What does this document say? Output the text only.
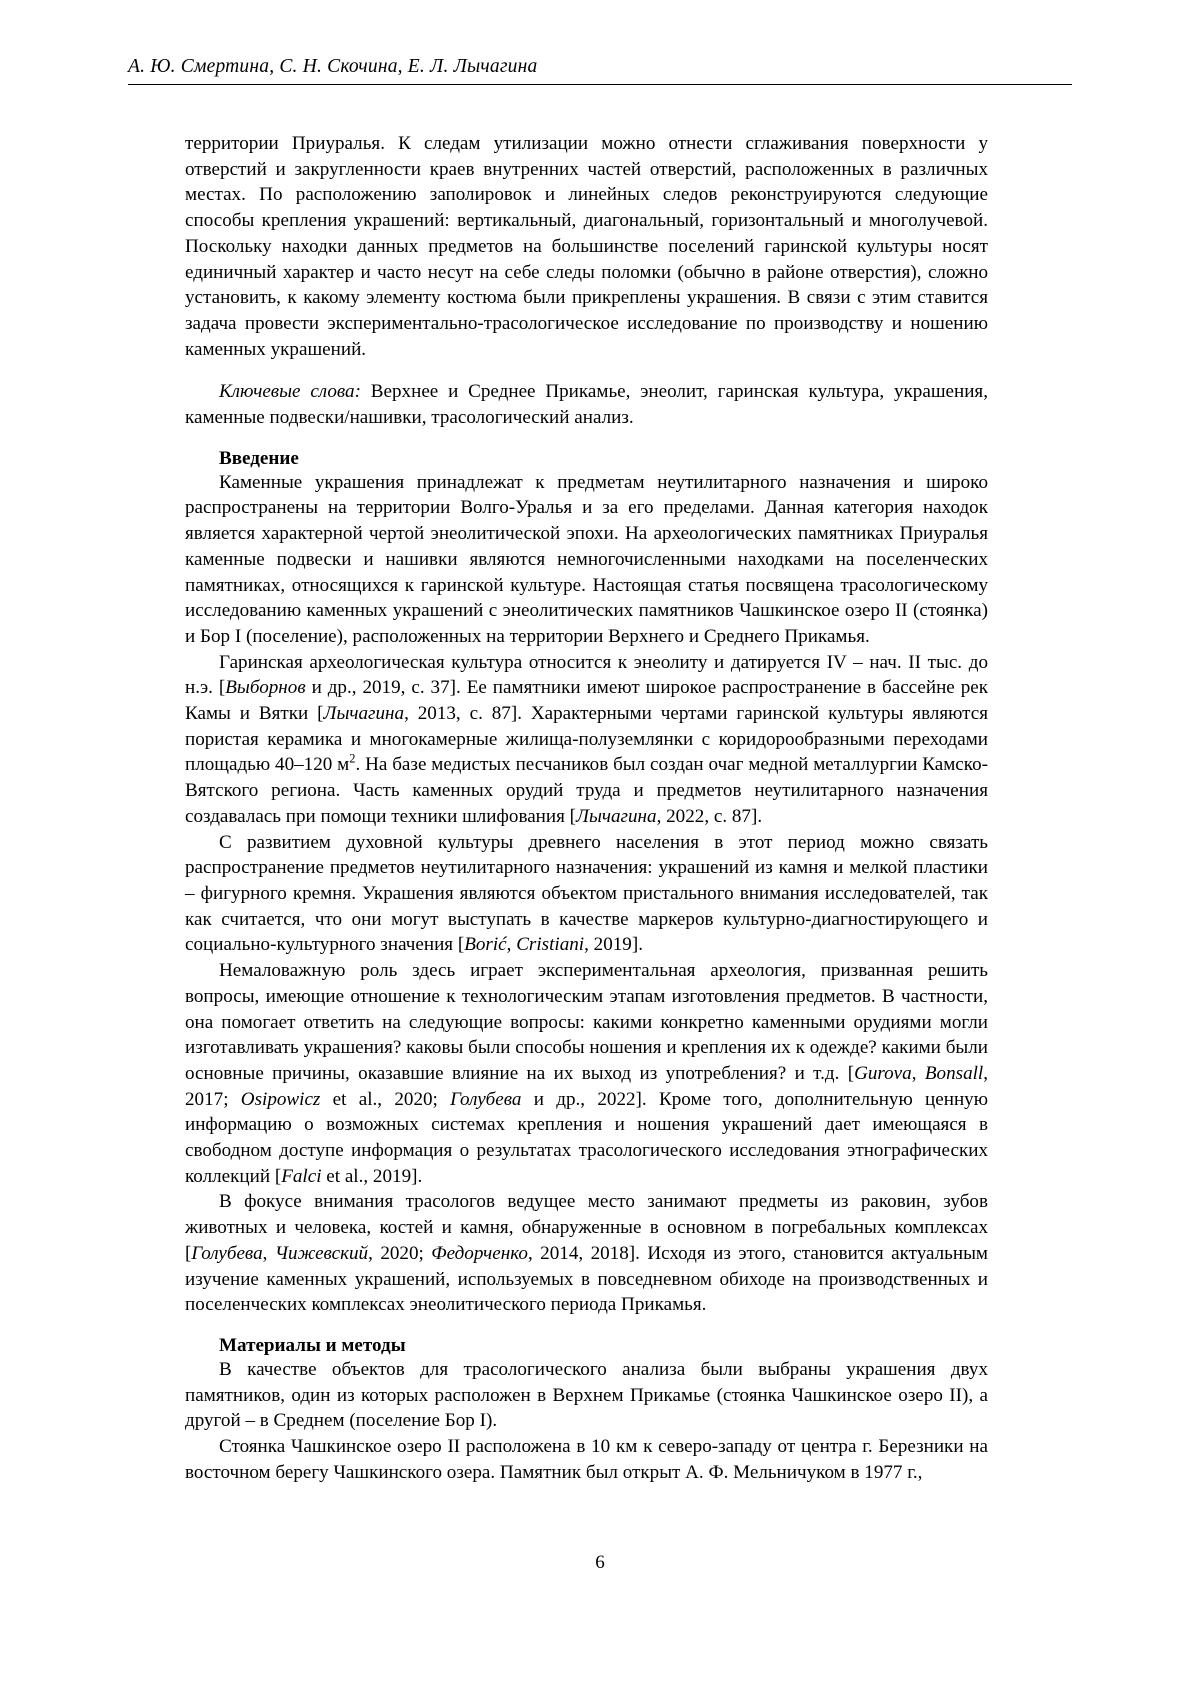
А. Ю. Смертина, С. Н. Скочина, Е. Л. Лычагина

территории Приуралья. К следам утилизации можно отнести сглаживания поверхности у отверстий и закругленности краев внутренних частей отверстий, расположенных в различных местах. По расположению заполировок и линейных следов реконструируются следующие способы крепления украшений: вертикальный, диагональный, горизонтальный и многолучевой. Поскольку находки данных предметов на большинстве поселений гаринской культуры носят единичный характер и часто несут на себе следы поломки (обычно в районе отверстия), сложно установить, к какому элементу костюма были прикреплены украшения. В связи с этим ставится задача провести экспериментально-трасологическое исследование по производству и ношению каменных украшений.

Ключевые слова: Верхнее и Среднее Прикамье, энеолит, гаринская культура, украшения, каменные подвески/нашивки, трасологический анализ.

Введение

Каменные украшения принадлежат к предметам неутилитарного назначения и широко распространены на территории Волго-Уралья и за его пределами. Данная категория находок является характерной чертой энеолитической эпохи. На археологических памятниках Приуралья каменные подвески и нашивки являются немногочисленными находками на поселенческих памятниках, относящихся к гаринской культуре. Настоящая статья посвящена трасологическому исследованию каменных украшений с энеолитических памятников Чашкинское озеро II (стоянка) и Бор I (поселение), расположенных на территории Верхнего и Среднего Прикамья.

Гаринская археологическая культура относится к энеолиту и датируется IV – нач. II тыс. до н.э. [Выборнов и др., 2019, с. 37]. Ее памятники имеют широкое распространение в бассейне рек Камы и Вятки [Лычагина, 2013, с. 87]. Характерными чертами гаринской культуры являются пористая керамика и многокамерные жилища-полуземлянки с коридорообразными переходами площадью 40–120 $м^2$. На базе медистых песчаников был создан очаг медной металлургии Камско-Вятского региона. Часть каменных орудий труда и предметов неутилитарного назначения создавалась при помощи техники шлифования [Лычагина, 2022, с. 87].

С развитием духовной культуры древнего населения в этот период можно связать распространение предметов неутилитарного назначения: украшений из камня и мелкой пластики – фигурного кремня. Украшения являются объектом пристального внимания исследователей, так как считается, что они могут выступать в качестве маркеров культурно-диагностирующего и социально-культурного значения [Borić, Cristiani, 2019].

Немаловажную роль здесь играет экспериментальная археология, призванная решить вопросы, имеющие отношение к технологическим этапам изготовления предметов. В частности, она помогает ответить на следующие вопросы: какими конкретно каменными орудиями могли изготавливать украшения? каковы были способы ношения и крепления их к одежде? какими были основные причины, оказавшие влияние на их выход из употребления? и т.д. [Gurova, Bonsall, 2017; Osipowicz et al., 2020; Голубева и др., 2022]. Кроме того, дополнительную ценную информацию о возможных системах крепления и ношения украшений дает имеющаяся в свободном доступе информация о результатах трасологического исследования этнографических коллекций [Falci et al., 2019].

В фокусе внимания трасологов ведущее место занимают предметы из раковин, зубов животных и человека, костей и камня, обнаруженные в основном в погребальных комплексах [Голубева, Чижевский, 2020; Федорченко, 2014, 2018]. Исходя из этого, становится актуальным изучение каменных украшений, используемых в повседневном обиходе на производственных и поселенческих комплексах энеолитического периода Прикамья.

Материалы и методы

В качестве объектов для трасологического анализа были выбраны украшения двух памятников, один из которых расположен в Верхнем Прикамье (стоянка Чашкинское озеро II), а другой – в Среднем (поселение Бор I).

Стоянка Чашкинское озеро II расположена в 10 км к северо-западу от центра г. Березники на восточном берегу Чашкинского озера. Памятник был открыт А. Ф. Мельничуком в 1977 г.,

6
